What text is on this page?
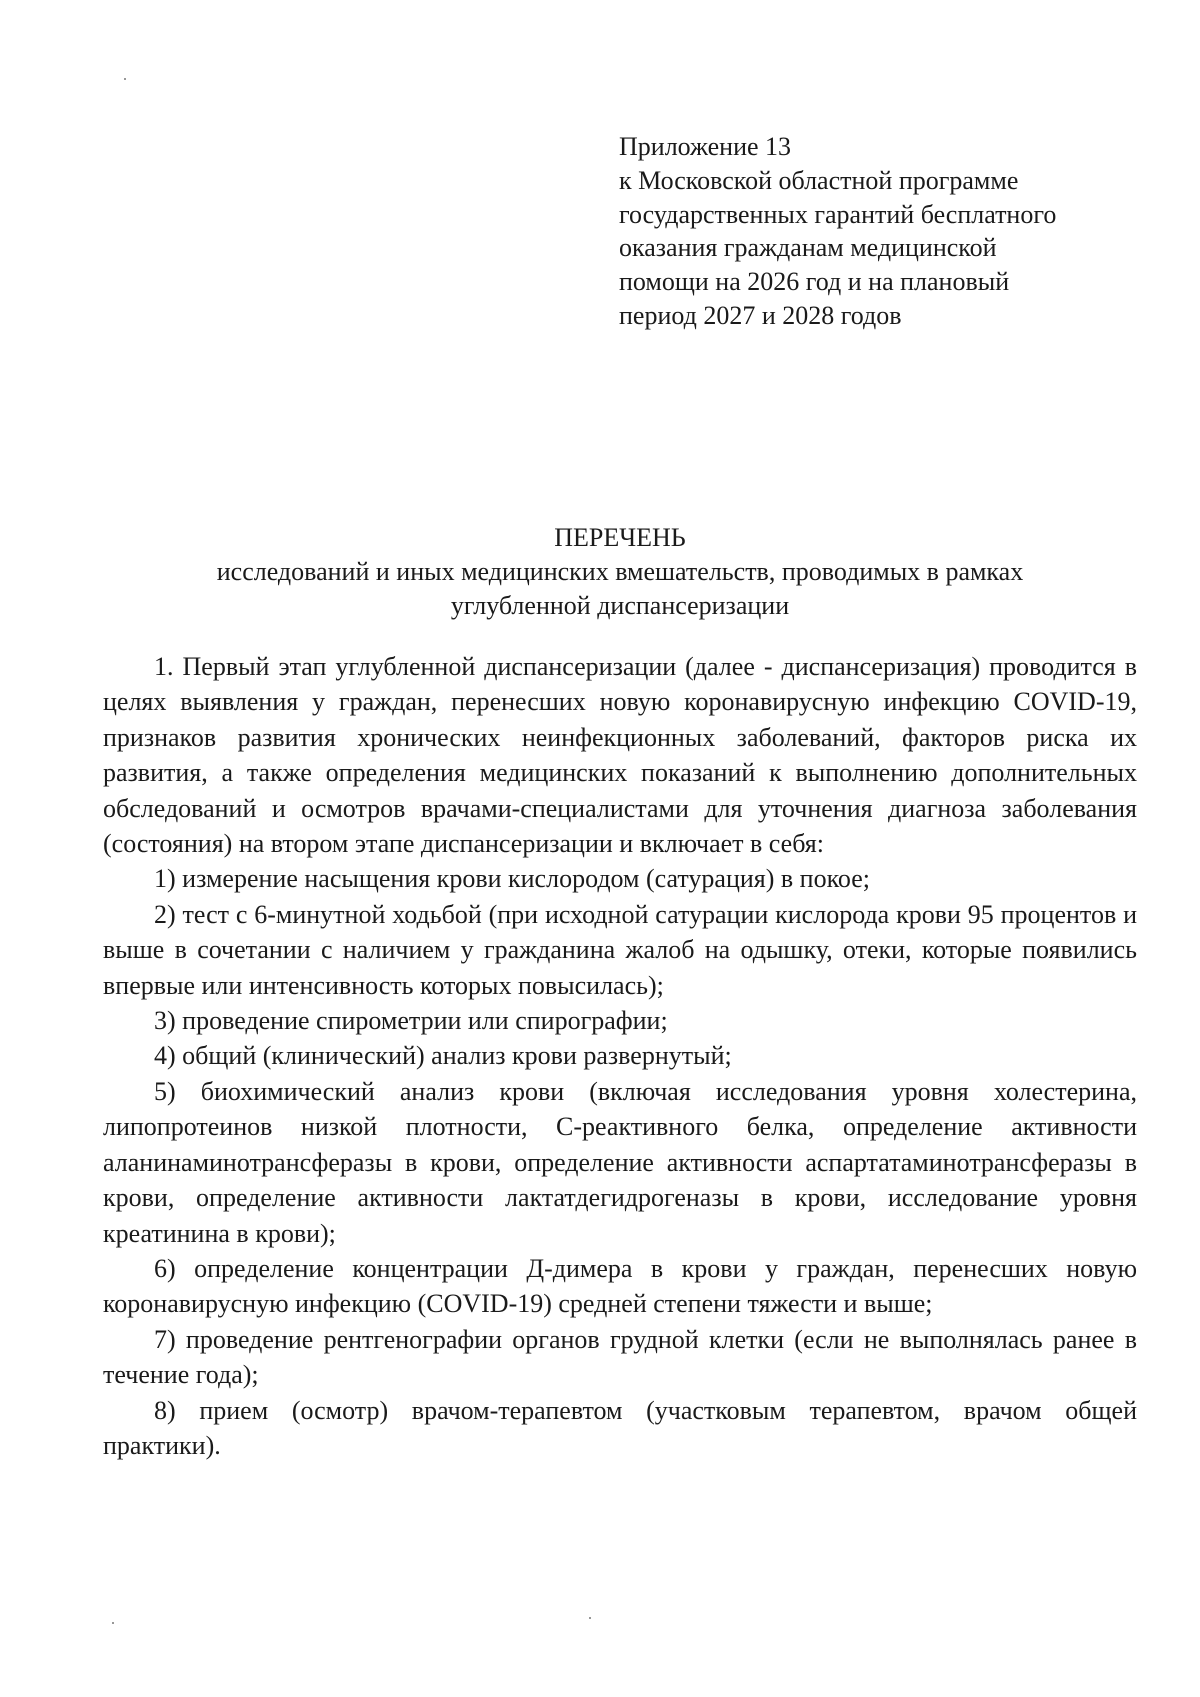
Приложение 13
к Московской областной программе
государственных гарантий бесплатного
оказания гражданам медицинской
помощи на 2026 год и на плановый
период 2027 и 2028 годов
ПЕРЕЧЕНЬ
исследований и иных медицинских вмешательств, проводимых в рамках
углубленной диспансеризации

1. Первый этап углубленной диспансеризации (далее - диспансеризация) проводится в целях выявления у граждан, перенесших новую коронавирусную инфекцию COVID-19, признаков развития хронических неинфекционных заболеваний, факторов риска их развития, а также определения медицинских показаний к выполнению дополнительных обследований и осмотров врачами-специалистами для уточнения диагноза заболевания (состояния) на втором этапе диспансеризации и включает в себя:

1) измерение насыщения крови кислородом (сатурация) в покое;

2) тест с 6-минутной ходьбой (при исходной сатурации кислорода крови 95 процентов и выше в сочетании с наличием у гражданина жалоб на одышку, отеки, которые появились впервые или интенсивность которых повысилась);

3) проведение спирометрии или спирографии;

4) общий (клинический) анализ крови развернутый;

5) биохимический анализ крови (включая исследования уровня холестерина, липопротеинов низкой плотности, С-реактивного белка, определение активности аланинаминотрансферазы в крови, определение активности аспартатаминотрансферазы в крови, определение активности лактатдегидрогеназы в крови, исследование уровня креатинина в крови);

6) определение концентрации Д-димера в крови у граждан, перенесших новую коронавирусную инфекцию (COVID-19) средней степени тяжести и выше;

7) проведение рентгенографии органов грудной клетки (если не выполнялась ранее в течение года);

8) прием (осмотр) врачом-терапевтом (участковым терапевтом, врачом общей практики).
